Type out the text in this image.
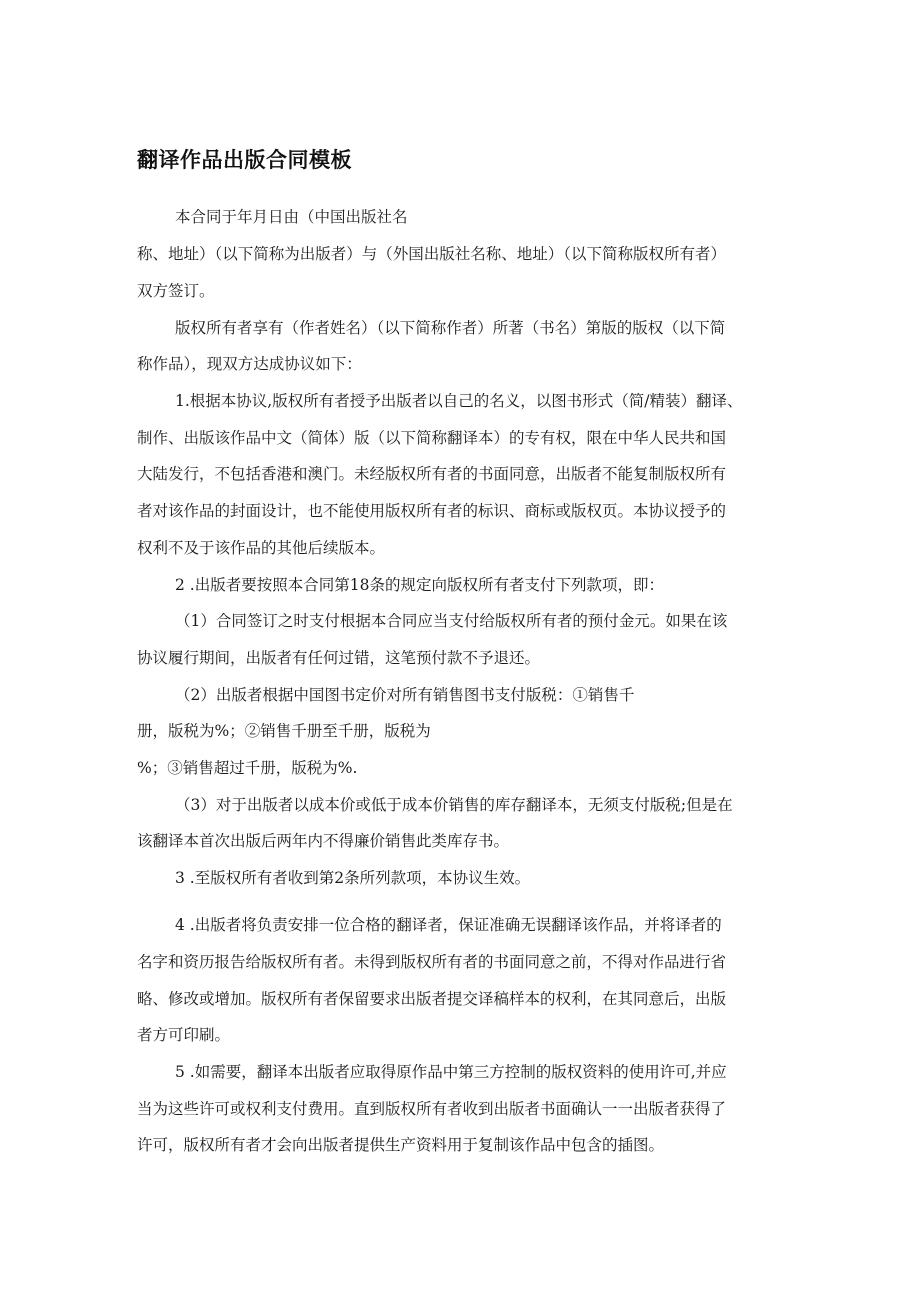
翻译作品出版合同模板

本合同于年月日由（中国出版社名

称、地址）（以下简称为出版者）与（外国出版社名称、地址）（以下简称版权所有者）

双方签订。

版权所有者享有（作者姓名）（以下简称作者）所著（书名）第版的版权（以下简

称作品），现双方达成协议如下：

1.根据本协议,版权所有者授予出版者以自己的名义，以图书形式（简/精装）翻译、

制作、出版该作品中文（简体）版（以下简称翻译本）的专有权，限在中华人民共和国

大陆发行，不包括香港和澳门。未经版权所有者的书面同意，出版者不能复制版权所有

者对该作品的封面设计，也不能使用版权所有者的标识、商标或版权页。本协议授予的

权利不及于该作品的其他后续版本。

2 .出版者要按照本合同第18条的规定向版权所有者支付下列款项，即：

（1）合同签订之时支付根据本合同应当支付给版权所有者的预付金元。如果在该

协议履行期间，出版者有任何过错，这笔预付款不予退还。

（2）出版者根据中国图书定价对所有销售图书支付版税：①销售千

册，版税为%；②销售千册至千册，版税为

%；③销售超过千册，版税为%.

（3）对于出版者以成本价或低于成本价销售的库存翻译本，无须支付版税;但是在

该翻译本首次出版后两年内不得廉价销售此类库存书。

3 .至版权所有者收到第2条所列款项，本协议生效。

4 .出版者将负责安排一位合格的翻译者，保证准确无误翻译该作品，并将译者的

名字和资历报告给版权所有者。未得到版权所有者的书面同意之前，不得对作品进行省

略、修改或增加。版权所有者保留要求出版者提交译稿样本的权利，在其同意后，出版

者方可印刷。

5 .如需要，翻译本出版者应取得原作品中第三方控制的版权资料的使用许可,并应

当为这些许可或权利支付费用。直到版权所有者收到出版者书面确认一一出版者获得了

许可，版权所有者才会向出版者提供生产资料用于复制该作品中包含的插图。
